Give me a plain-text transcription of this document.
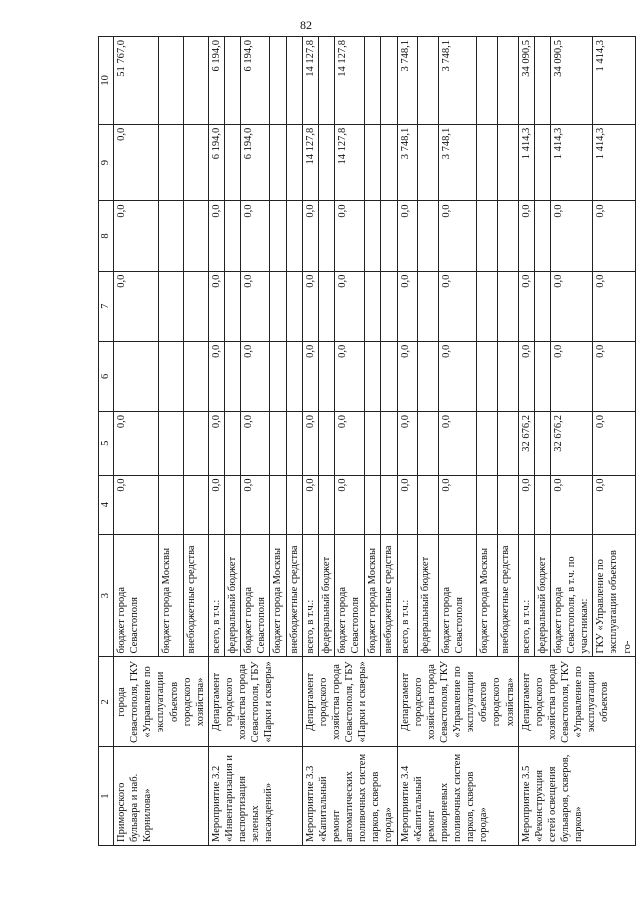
82
1	2	3	4	5	6	7	8	9	10
Приморского бульвара и наб. Корнилова»	города Севастополя, ГКУ «Управление по эксплуатации объектов городского хозяйства»	бюджет города Севастополя	0,0	0,0		0,0	0,0	0,0	51 767,0
		бюджет города Москвы							
		внебюджетные средства							
Мероприятие 3.2 «Инвентаризация и паспортизация зеленых насаждений»	Департамент городского хозяйства города Севастополя, ГБУ «Парки и скверы»	всего, в т.ч.:	0,0	0,0	0,0	0,0	0,0	6 194,0	6 194,0
		федеральный бюджет							
		бюджет города Севастополя	0,0	0,0	0,0	0,0	0,0	6 194,0	6 194,0
		бюджет города Москвы							
		внебюджетные средства							
Мероприятие 3.3 «Капитальный ремонт автоматических поливочных систем парков, скверов города»	Департамент городского хозяйства города Севастополя, ГБУ «Парки и скверы»	всего, в т.ч.:	0,0	0,0	0,0	0,0	0,0	14 127,8	14 127,8
		федеральный бюджет							
		бюджет города Севастополя	0,0	0,0	0,0	0,0	0,0	14 127,8	14 127,8
		бюджет города Москвы							
		внебюджетные средства							
Мероприятие 3.4 «Капитальный ремонт прикорневых поливочных систем парков, скверов города»	Департамент городского хозяйства города Севастополя, ГКУ «Управление по эксплуатации объектов городского хозяйства»	всего, в т.ч.:	0,0	0,0	0,0	0,0	0,0	3 748,1	3 748,1
		федеральный бюджет							
		бюджет города Севастополя	0,0	0,0	0,0	0,0	0,0	3 748,1	3 748,1
		бюджет города Москвы							
		внебюджетные средства							
Мероприятие 3.5 «Реконструкция сетей освещения бульваров, скверов, парков»	Департамент городского хозяйства города Севастополя, ГКУ «Управление по эксплуатации объектов	всего, в т.ч.:	0,0	32 676,2	0,0	0,0	0,0	1 414,3	34 090,5
		федеральный бюджет							
		бюджет города Севастополя, в т.ч. по участникам:	0,0	32 676,2	0,0	0,0	0,0	1 414,3	34 090,5
		ГКУ «Управление по эксплуатации объектов го-	0,0	0,0	0,0	0,0	0,0	1 414,3	1 414,3
